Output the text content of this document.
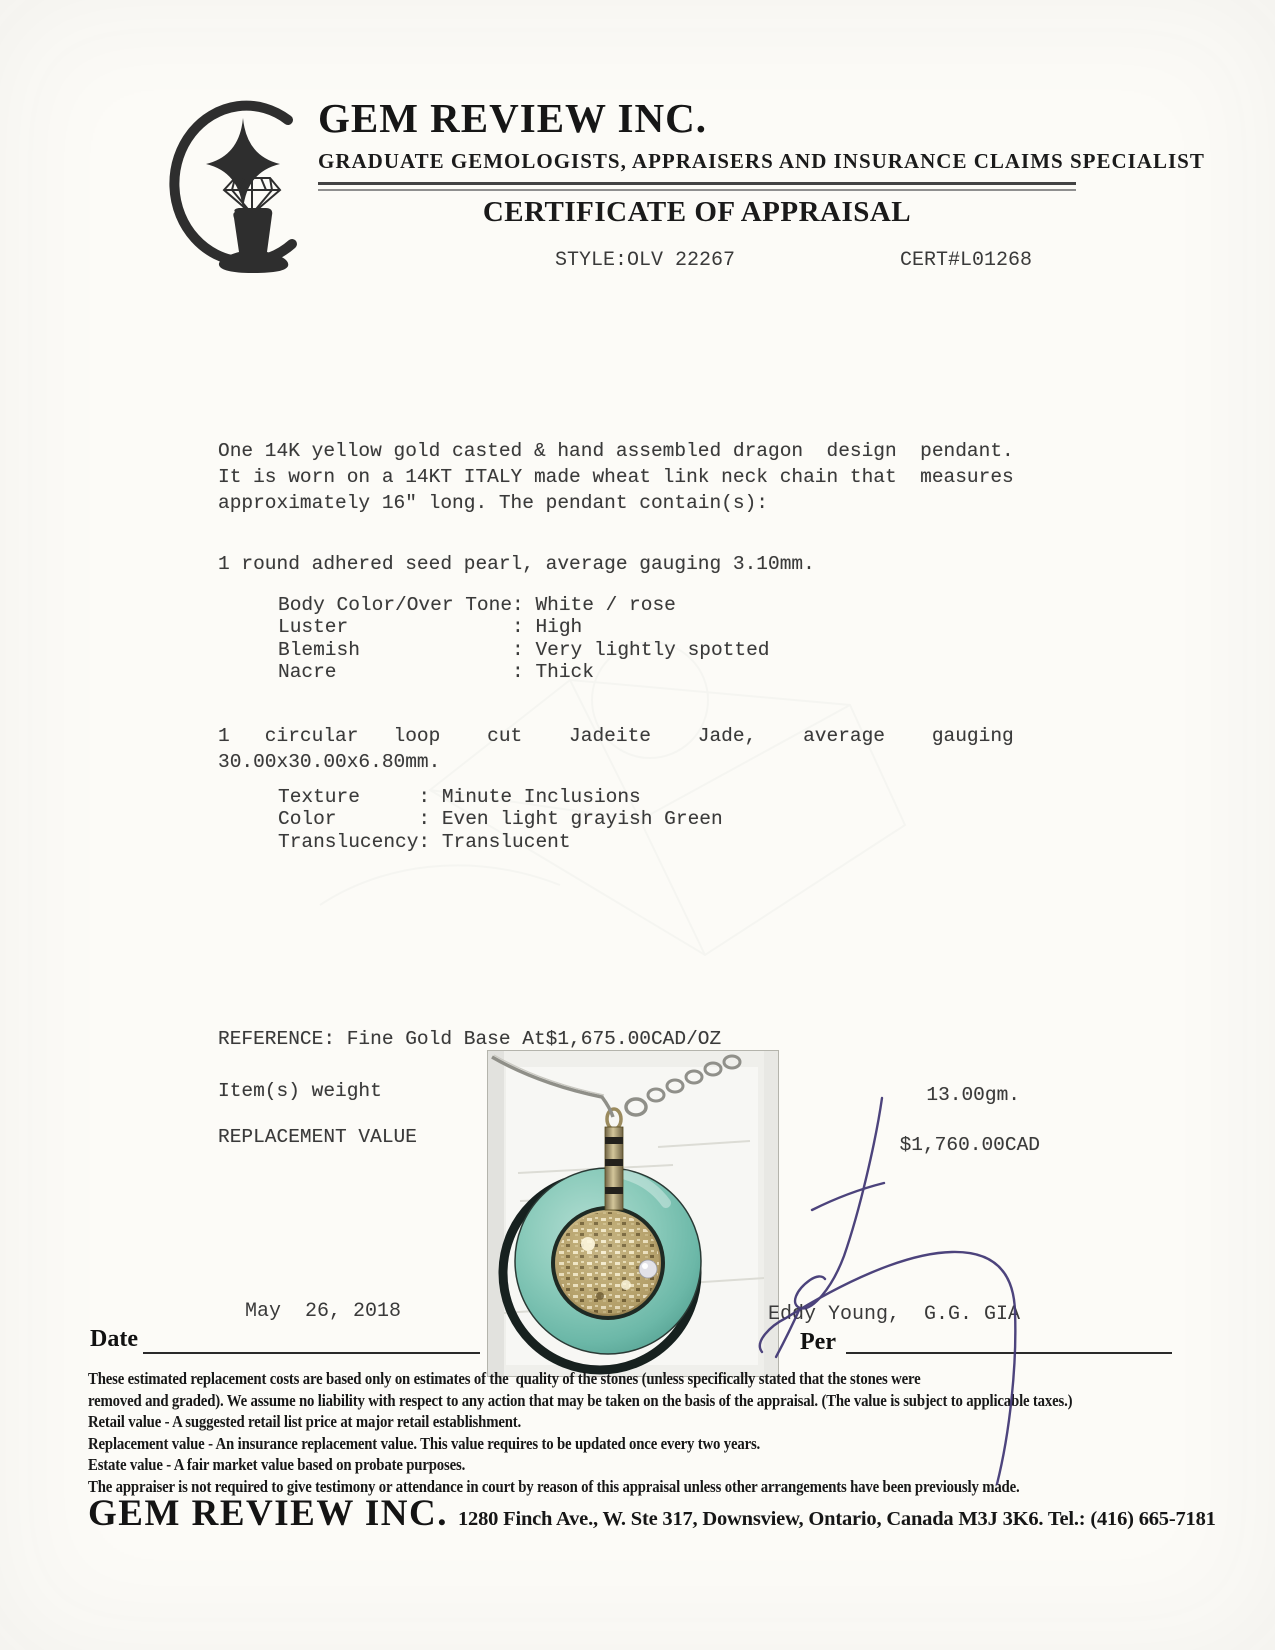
GEM REVIEW INC.
GRADUATE GEMOLOGISTS, APPRAISERS AND INSURANCE CLAIMS SPECIALIST
CERTIFICATE OF APPRAISAL
STYLE:OLV 22267	CERT#L01268
One 14K yellow gold casted & hand assembled dragon  design  pendant.
It is worn on a 14KT ITALY made wheat link neck chain that  measures
approximately 16" long. The pendant contain(s):
1 round adhered seed pearl, average gauging 3.10mm.
Body Color/Over Tone: White / rose
Luster              : High
Blemish             : Very lightly spotted
Nacre               : Thick
1   circular   loop    cut    Jadeite    Jade,    average    gauging
30.00x30.00x6.80mm.
Texture     : Minute Inclusions
Color       : Even light grayish Green
Translucency: Translucent
REFERENCE: Fine Gold Base At$1,675.00CAD/OZ
Item(s) weight	13.00gm.
REPLACEMENT VALUE	$1,760.00CAD
May  26, 2018	Eddy Young,  G.G. GIA
Date	Per
These estimated replacement costs are based only on estimates of the  quality of the stones (unless specifically stated that the stones were
removed and graded). We assume no liability with respect to any action that may be taken on the basis of the appraisal. (The value is subject to applicable taxes.)
Retail value - A suggested retail list price at major retail establishment.
Replacement value - An insurance replacement value. This value requires to be updated once every two years.
Estate value - A fair market value based on probate purposes.
The appraiser is not required to give testimony or attendance in court by reason of this appraisal unless other arrangements have been previously made.
GEM REVIEW INC. 1280 Finch Ave., W. Ste 317, Downsview, Ontario, Canada M3J 3K6. Tel.: (416) 665-7181
